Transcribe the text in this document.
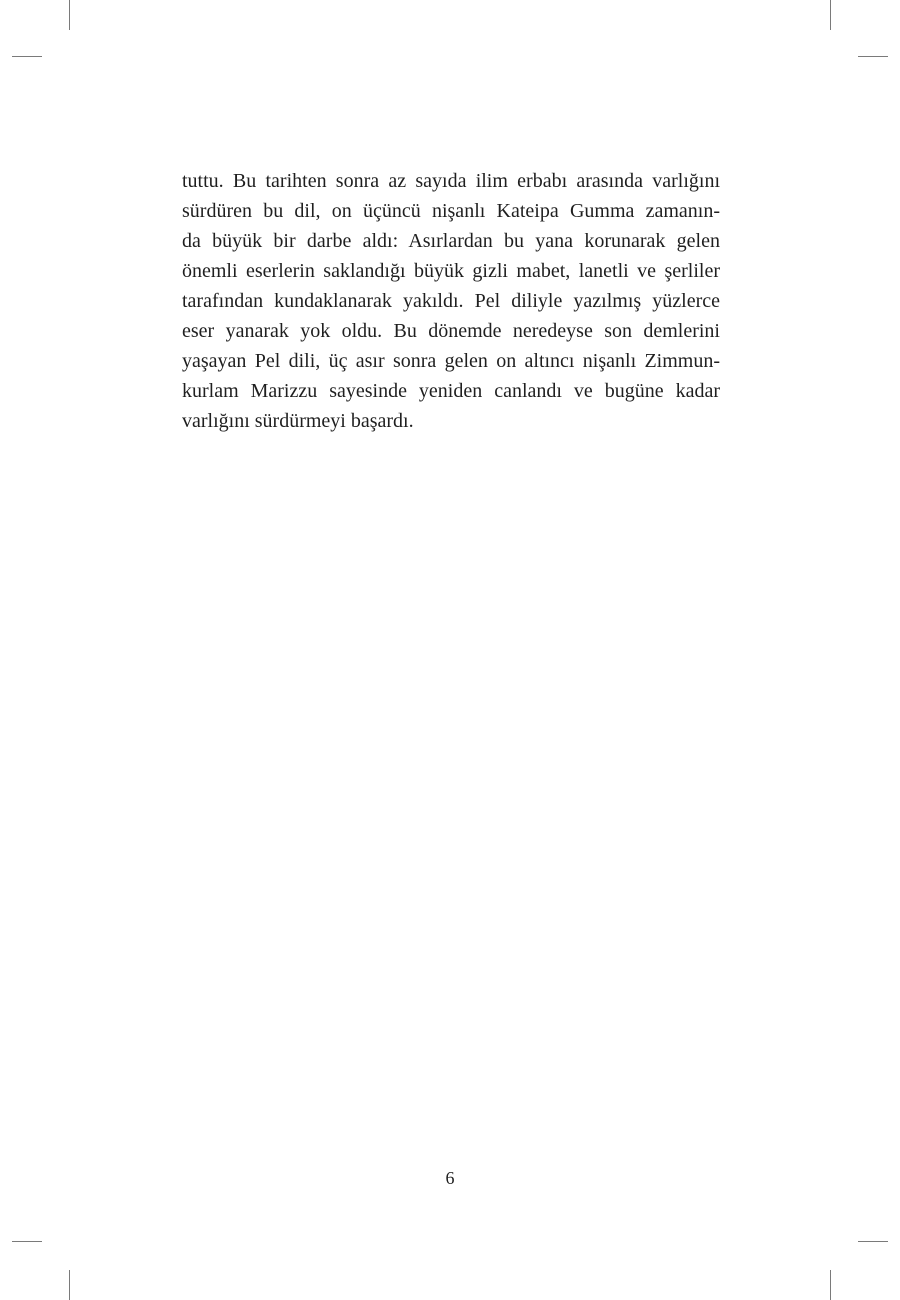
tuttu. Bu tarihten sonra az sayıda ilim erbabı arasında varlığını
sürdüren bu dil, on üçüncü nişanlı Kateipa Gumma zamanın-
da büyük bir darbe aldı: Asırlardan bu yana korunarak gelen
önemli eserlerin saklandığı büyük gizli mabet, lanetli ve şerliler
tarafından kundaklanarak yakıldı. Pel diliyle yazılmış yüzlerce
eser yanarak yok oldu. Bu dönemde neredeyse son demlerini
yaşayan Pel dili, üç asır sonra gelen on altıncı nişanlı Zimmun-
kurlam Marizzu sayesinde yeniden canlandı ve bugüne kadar
varlığını sürdürmeyi başardı.
6
